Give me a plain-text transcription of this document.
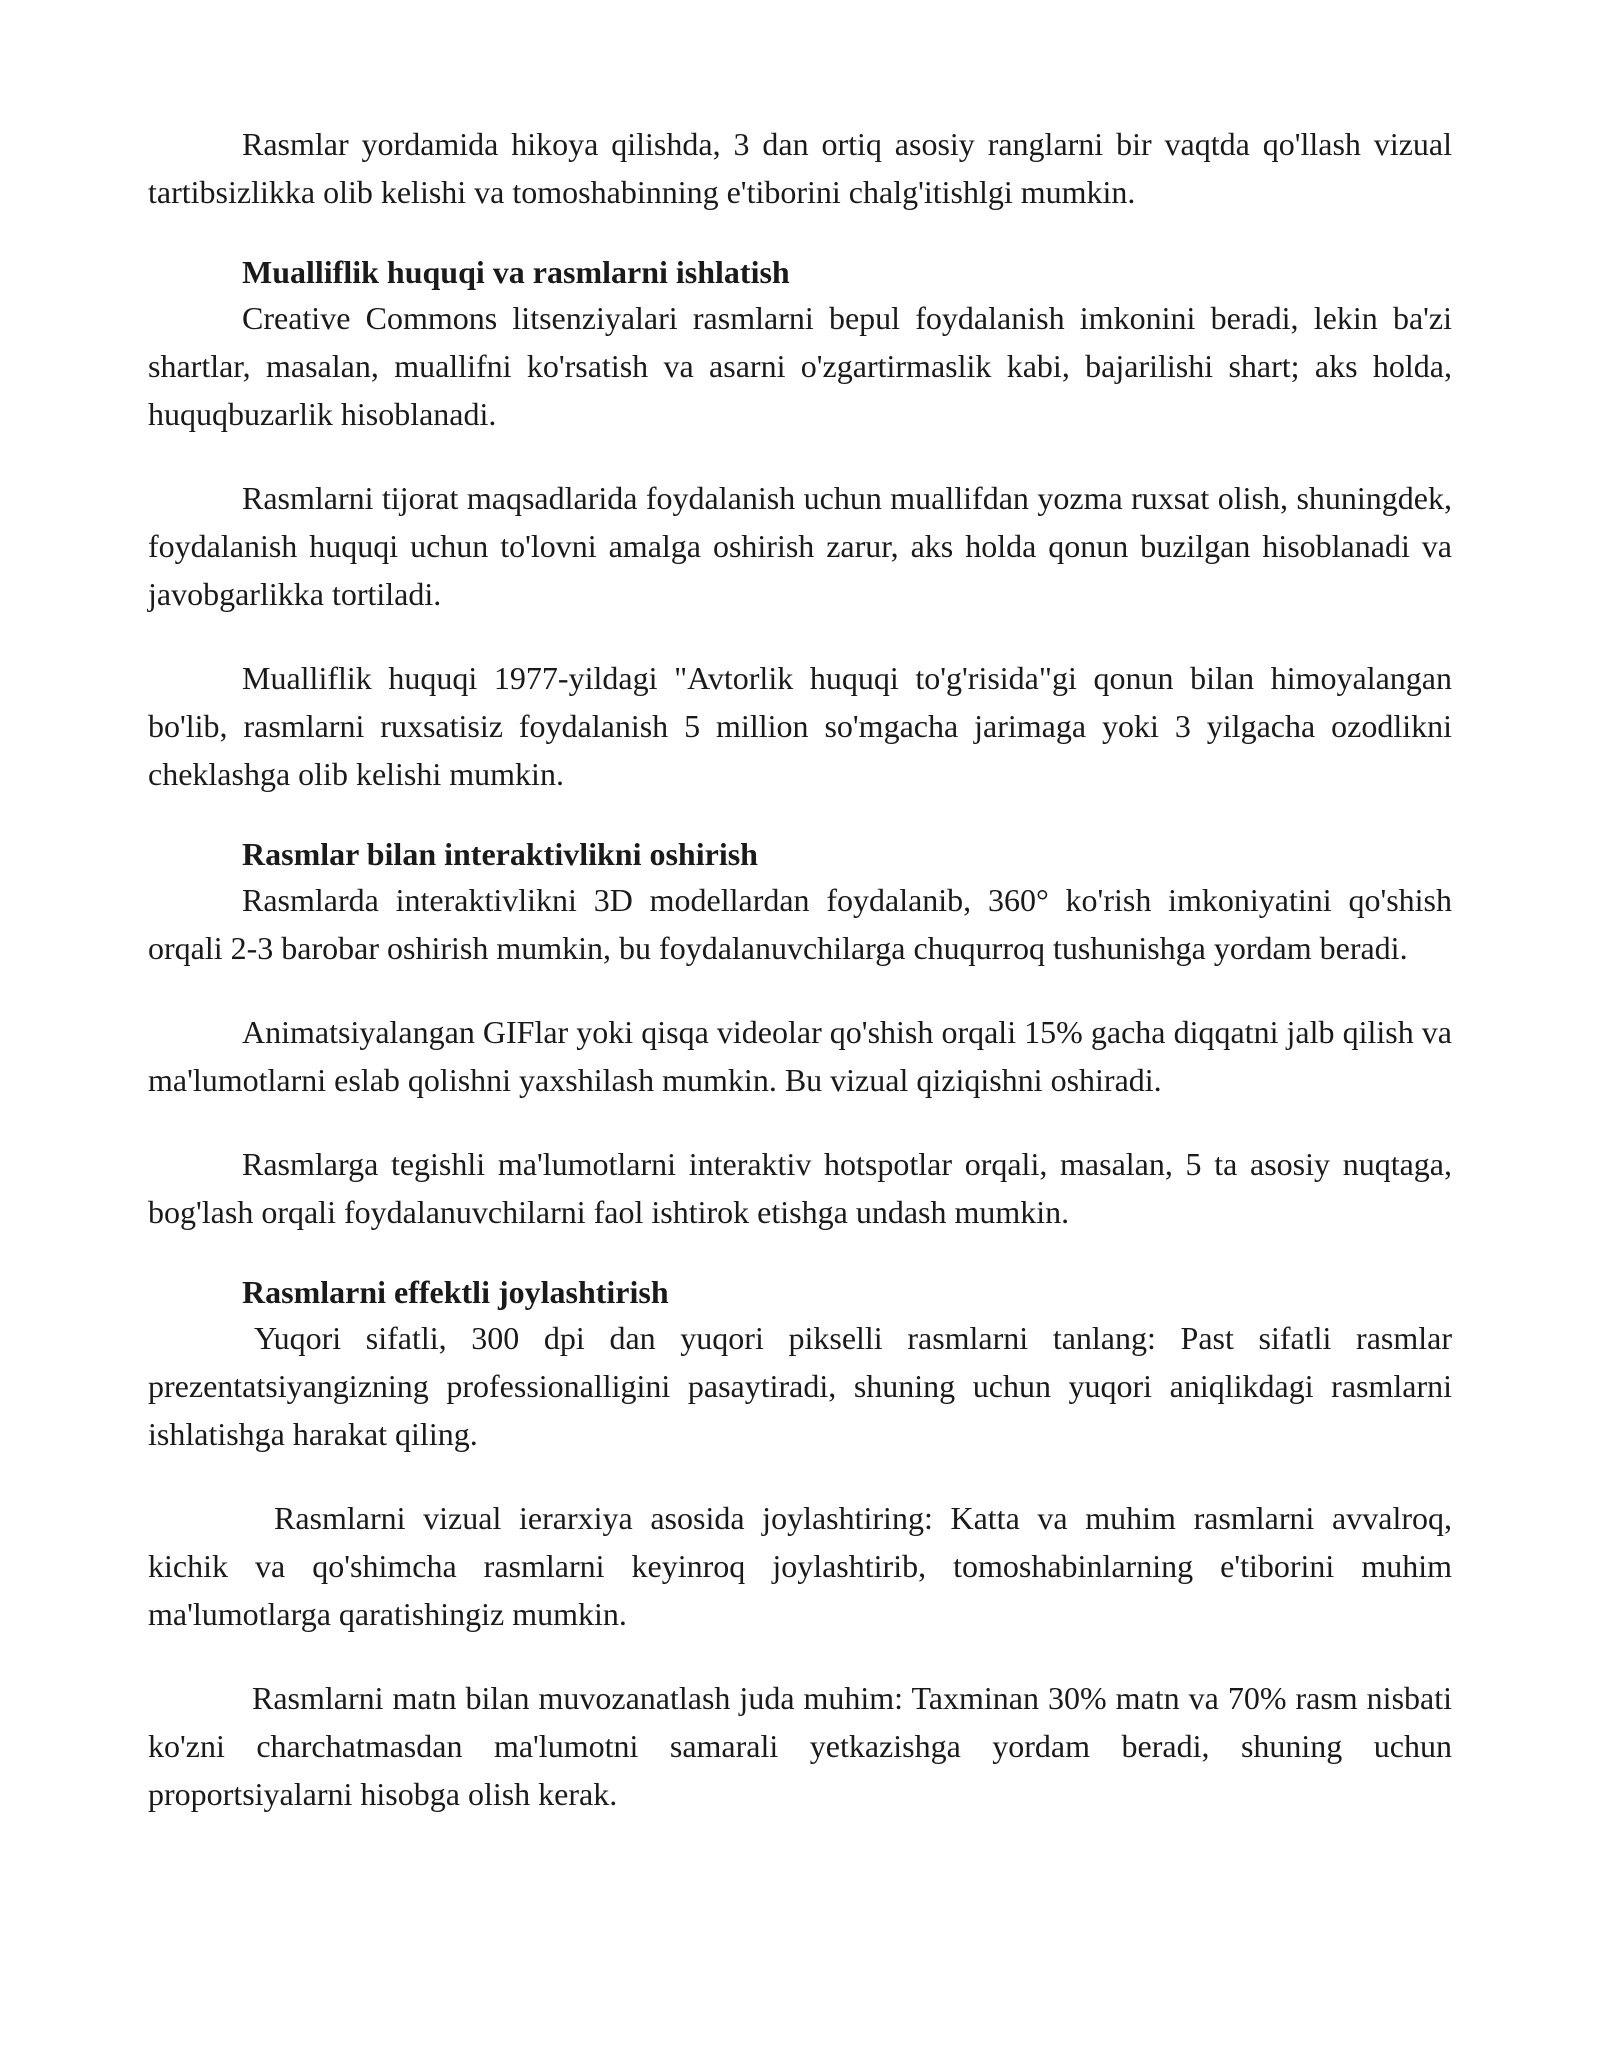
Rasmlar yordamida hikoya qilishda, 3 dan ortiq asosiy ranglarni bir vaqtda qo'llash vizual tartibsizlikka olib kelishi va tomoshabinning e'tiborini chalg'itishlgi mumkin.

Mualliflik huquqi va rasmlarni ishlatish

Creative Commons litsenziyalari rasmlarni bepul foydalanish imkonini beradi, lekin ba'zi shartlar, masalan, muallifni ko'rsatish va asarni o'zgartirmaslik kabi, bajarilishi shart; aks holda, huquqbuzarlik hisoblanadi.

Rasmlarni tijorat maqsadlarida foydalanish uchun muallifdan yozma ruxsat olish, shuningdek, foydalanish huquqi uchun to'lovni amalga oshirish zarur, aks holda qonun buzilgan hisoblanadi va javobgarlikka tortiladi.

Mualliflik huquqi 1977-yildagi "Avtorlik huquqi to'g'risida"gi qonun bilan himoyalangan bo'lib, rasmlarni ruxsatisiz foydalanish 5 million so'mgacha jarimaga yoki 3 yilgacha ozodlikni cheklashga olib kelishi mumkin.

Rasmlar bilan interaktivlikni oshirish

Rasmlarda interaktivlikni 3D modellardan foydalanib, 360° ko'rish imkoniyatini qo'shish orqali 2-3 barobar oshirish mumkin, bu foydalanuvchilarga chuqurroq tushunishga yordam beradi.

Animatsiyalangan GIFlar yoki qisqa videolar qo'shish orqali 15% gacha diqqatni jalb qilish va ma'lumotlarni eslab qolishni yaxshilash mumkin. Bu vizual qiziqishni oshiradi.

Rasmlarga tegishli ma'lumotlarni interaktiv hotspotlar orqali, masalan, 5 ta asosiy nuqtaga, bog'lash orqali foydalanuvchilarni faol ishtirok etishga undash mumkin.

Rasmlarni effektli joylashtirish

Yuqori sifatli, 300 dpi dan yuqori pikselli rasmlarni tanlang: Past sifatli rasmlar prezentatsiyangizning professionalligini pasaytiradi, shuning uchun yuqori aniqlikdagi rasmlarni ishlatishga harakat qiling.

Rasmlarni vizual ierarxiya asosida joylashtiring: Katta va muhim rasmlarni avvalroq, kichik va qo'shimcha rasmlarni keyinroq joylashtirib, tomoshabinlarning e'tiborini muhim ma'lumotlarga qaratishingiz mumkin.

Rasmlarni matn bilan muvozanatlash juda muhim: Taxminan 30% matn va 70% rasm nisbati ko'zni charchatmasdan ma'lumotni samarali yetkazishga yordam beradi, shuning uchun proportsiyalarni hisobga olish kerak.
